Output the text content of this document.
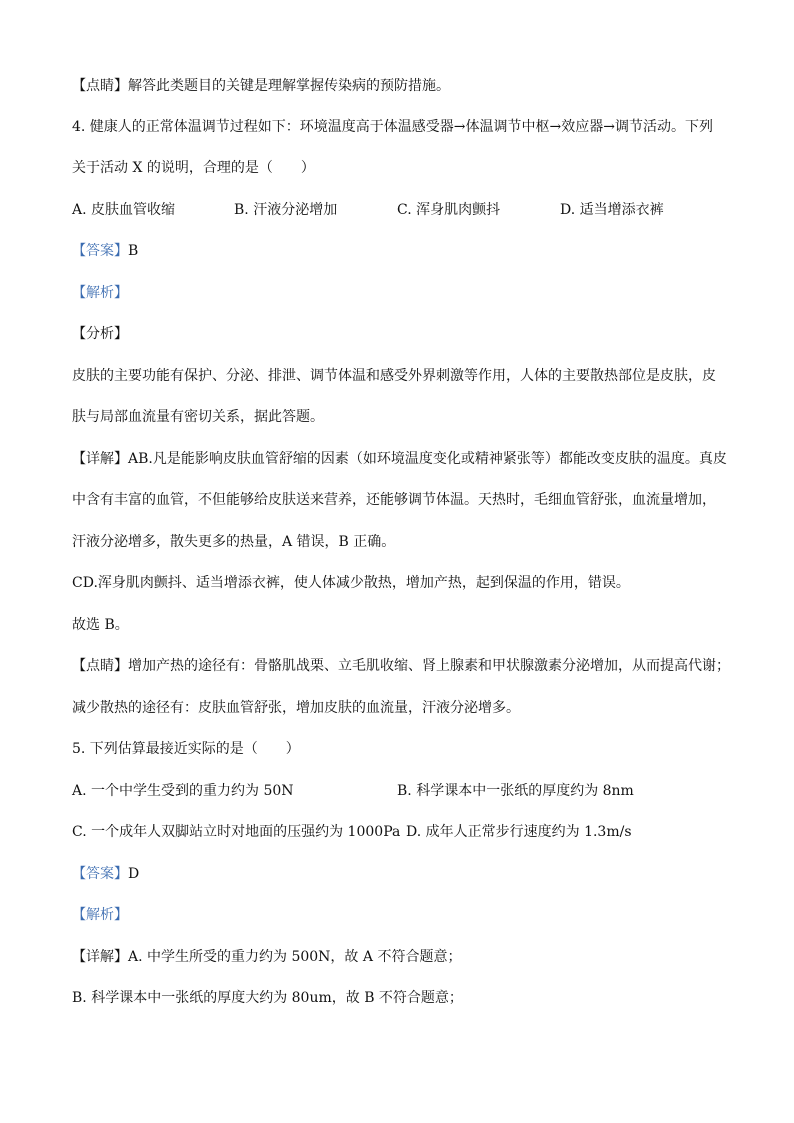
【点睛】解答此类题目的关键是理解掌握传染病的预防措施。
4. 健康人的正常体温调节过程如下：环境温度高于体温感受器→体温调节中枢→效应器→调节活动。下列
关于活动 X 的说明，合理的是（　　）
A. 皮肤血管收缩	B. 汗液分泌增加	C. 浑身肌肉颤抖	D. 适当增添衣裤
【答案】B
【解析】
【分析】
皮肤的主要功能有保护、分泌、排泄、调节体温和感受外界刺激等作用，人体的主要散热部位是皮肤，皮
肤与局部血流量有密切关系，据此答题。
【详解】AB.凡是能影响皮肤血管舒缩的因素（如环境温度变化或精神紧张等）都能改变皮肤的温度。真皮
中含有丰富的血管，不但能够给皮肤送来营养，还能够调节体温。天热时，毛细血管舒张，血流量增加，
汗液分泌增多，散失更多的热量，A 错误，B 正确。
CD.浑身肌肉颤抖、适当增添衣裤，使人体减少散热，增加产热，起到保温的作用，错误。
故选 B。
【点睛】增加产热的途径有：骨骼肌战栗、立毛肌收缩、肾上腺素和甲状腺激素分泌增加，从而提高代谢；
减少散热的途径有：皮肤血管舒张，增加皮肤的血流量，汗液分泌增多。
5. 下列估算最接近实际的是（　　）
A. 一个中学生受到的重力约为 50N	B. 科学课本中一张纸的厚度约为 8nm
C. 一个成年人双脚站立时对地面的压强约为 1000Pa D. 成年人正常步行速度约为 1.3m/s
【答案】D
【解析】
【详解】A. 中学生所受的重力约为 500N，故 A 不符合题意；
B. 科学课本中一张纸的厚度大约为 80um，故 B 不符合题意；
